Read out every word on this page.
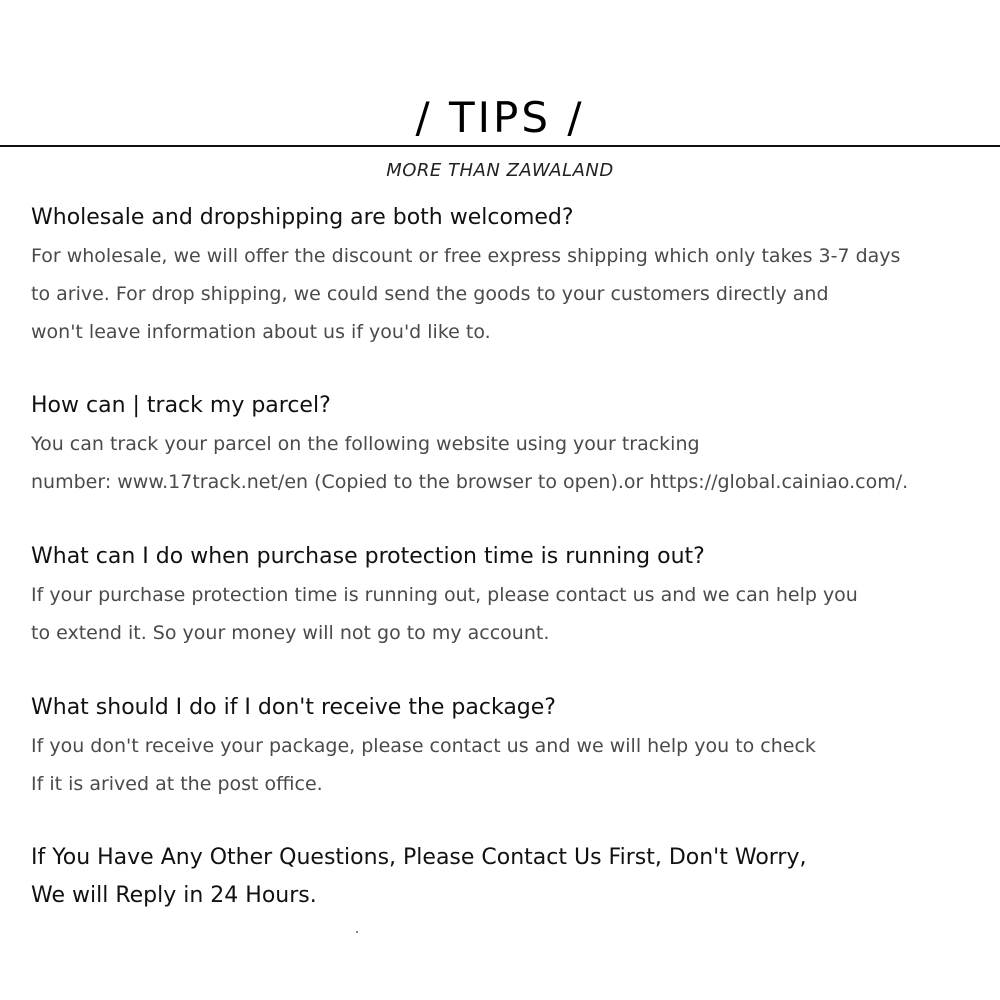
/ TIPS /
MORE THAN ZAWALAND
Wholesale and dropshipping are both welcomed?
For wholesale, we will offer the discount or free express shipping which only takes 3-7 days
to arive. For drop shipping, we could send the goods to your customers directly and
won't leave information about us if you'd like to.
How can | track my parcel?
You can track your parcel on the following website using your tracking
number: www.17track.net/en (Copied to the browser to open).or https://global.cainiao.com/.
What can I do when purchase protection time is running out?
If your purchase protection time is running out, please contact us and we can help you
to extend it. So your money will not go to my account.
What should I do if I don't receive the package?
If you don't receive your package, please contact us and we will help you to check
If it is arived at the post office.
If You Have Any Other Questions, Please Contact Us First, Don't Worry,
We will Reply in 24 Hours.
